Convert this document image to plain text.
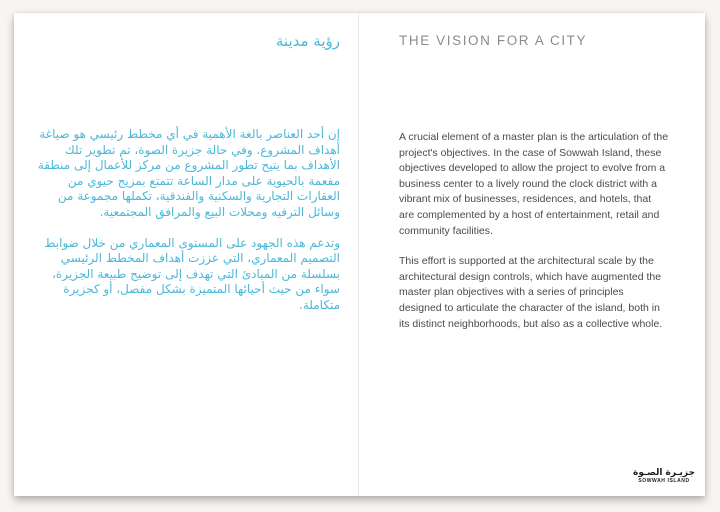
رؤية مدينة

إن أحد العناصر بالغة الأهمية في أي مخطط رئيسي هو صياغة أهداف المشروع. وفي حالة جزيرة الصوة، تم تطوير تلك الأهداف بما يتيح تطور المشروع من مركز للأعمال إلى منطقة مفعمة بالحيوية على مدار الساعة تتمتع بمزيج حيوي من العقارات التجارية والسكنية والفندقية، تكملها مجموعة من وسائل الترفيه ومحلات البيع والمرافق المجتمعية.

وتدعم هذه الجهود على المستوى المعماري من خلال ضوابط التصميم المعماري، التي عززت أهداف المخطط الرئيسي بسلسلة من المبادئ التي تهدف إلى توضيح طبيعة الجزيرة، سواء من حيث أحيائها المتميزة بشكل مفصل، أو كجزيرة متكاملة.

THE VISION FOR A CITY

A crucial element of a master plan is the articulation of the project's objectives. In the case of Sowwah Island, these objectives developed to allow the project to evolve from a business center to a lively round the clock district with a vibrant mix of businesses, residences, and hotels, that are complemented by a host of entertainment, retail and community facilities.

This effort is supported at the architectural scale by the architectural design controls, which have augmented the master plan objectives with a series of principles designed to articulate the character of the island, both in its distinct neighborhoods, but also as a collective whole.

جزيـرة الصـوة
SOWWAH ISLAND
